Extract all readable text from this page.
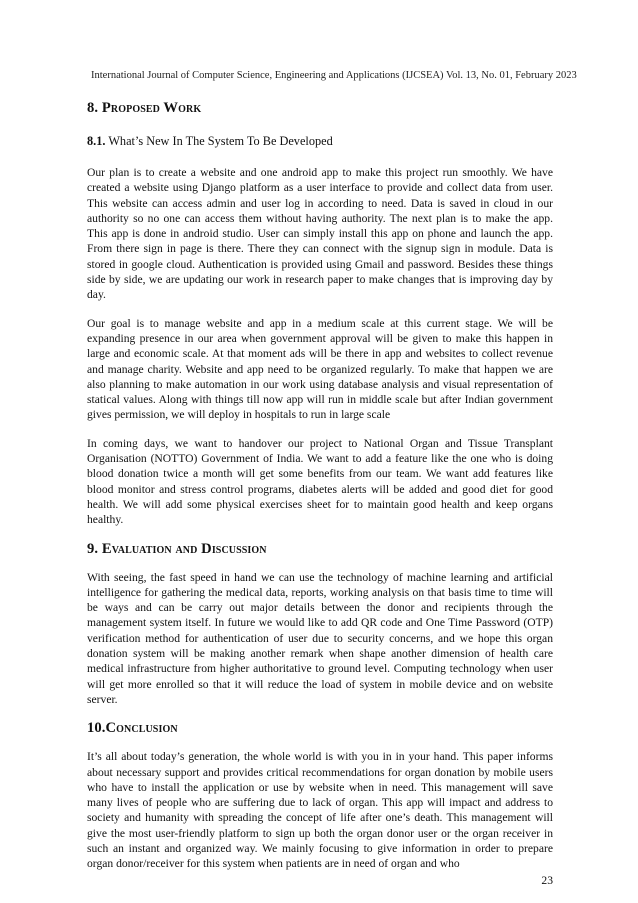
International Journal of Computer Science, Engineering and Applications (IJCSEA) Vol. 13, No. 01, February 2023
8. Proposed Work
8.1. What’s New In The System To Be Developed

Our plan is to create a website and one android app to make this project run smoothly. We have created a website using Django platform as a user interface to provide and collect data from user. This website can access admin and user log in according to need. Data is saved in cloud in our authority so no one can access them without having authority. The next plan is to make the app. This app is done in android studio. User can simply install this app on phone and launch the app. From there sign in page is there. There they can connect with the signup sign in module. Data is stored in google cloud. Authentication is provided using Gmail and password. Besides these things side by side, we are updating our work in research paper to make changes that is improving day by day.

Our goal is to manage website and app in a medium scale at this current stage. We will be expanding presence in our area when government approval will be given to make this happen in large and economic scale. At that moment ads will be there in app and websites to collect revenue and manage charity. Website and app need to be organized regularly. To make that happen we are also planning to make automation in our work using database analysis and visual representation of statical values. Along with things till now app will run in middle scale but after Indian government gives permission, we will deploy in hospitals to run in large scale

In coming days, we want to handover our project to National Organ and Tissue Transplant Organisation (NOTTO) Government of India. We want to add a feature like the one who is doing blood donation twice a month will get some benefits from our team. We want add features like blood monitor and stress control programs, diabetes alerts will be added and good diet for good health. We will add some physical exercises sheet for to maintain good health and keep organs healthy.

9. Evaluation and Discussion

With seeing, the fast speed in hand we can use the technology of machine learning and artificial intelligence for gathering the medical data, reports, working analysis on that basis time to time will be ways and can be carry out major details between the donor and recipients through the management system itself. In future we would like to add QR code and One Time Password (OTP) verification method for authentication of user due to security concerns, and we hope this organ donation system will be making another remark when shape another dimension of health care medical infrastructure from higher authoritative to ground level. Computing technology when user will get more enrolled so that it will reduce the load of system in mobile device and on website server.

10.Conclusion

It’s all about today’s generation, the whole world is with you in in your hand. This paper informs about necessary support and provides critical recommendations for organ donation by mobile users who have to install the application or use by website when in need. This management will save many lives of people who are suffering due to lack of organ. This app will impact and address to society and humanity with spreading the concept of life after one’s death. This management will give the most user-friendly platform to sign up both the organ donor user or the organ receiver in such an instant and organized way. We mainly focusing to give information in order to prepare organ donor/receiver for this system when patients are in need of organ and who

23
